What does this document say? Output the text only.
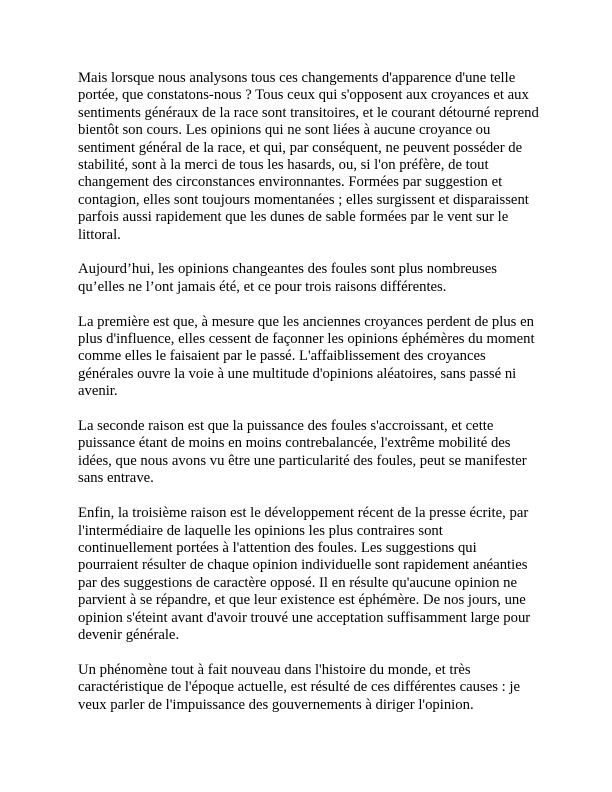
Mais lorsque nous analysons tous ces changements d'apparence d'une telle portée, que constatons-nous ? Tous ceux qui s'opposent aux croyances et aux sentiments généraux de la race sont transitoires, et le courant détourné reprend bientôt son cours. Les opinions qui ne sont liées à aucune croyance ou sentiment général de la race, et qui, par conséquent, ne peuvent posséder de stabilité, sont à la merci de tous les hasards, ou, si l'on préfère, de tout changement des circonstances environnantes. Formées par suggestion et contagion, elles sont toujours momentanées ; elles surgissent et disparaissent parfois aussi rapidement que les dunes de sable formées par le vent sur le littoral.

Aujourd’hui, les opinions changeantes des foules sont plus nombreuses qu’elles ne l’ont jamais été, et ce pour trois raisons différentes.

La première est que, à mesure que les anciennes croyances perdent de plus en plus d'influence, elles cessent de façonner les opinions éphémères du moment comme elles le faisaient par le passé. L'affaiblissement des croyances générales ouvre la voie à une multitude d'opinions aléatoires, sans passé ni avenir.

La seconde raison est que la puissance des foules s'accroissant, et cette puissance étant de moins en moins contrebalancée, l'extrême mobilité des idées, que nous avons vu être une particularité des foules, peut se manifester sans entrave.

Enfin, la troisième raison est le développement récent de la presse écrite, par l'intermédiaire de laquelle les opinions les plus contraires sont continuellement portées à l'attention des foules. Les suggestions qui pourraient résulter de chaque opinion individuelle sont rapidement anéanties par des suggestions de caractère opposé. Il en résulte qu'aucune opinion ne parvient à se répandre, et que leur existence est éphémère. De nos jours, une opinion s'éteint avant d'avoir trouvé une acceptation suffisamment large pour devenir générale.

Un phénomène tout à fait nouveau dans l'histoire du monde, et très caractéristique de l'époque actuelle, est résulté de ces différentes causes : je veux parler de l'impuissance des gouvernements à diriger l'opinion.
